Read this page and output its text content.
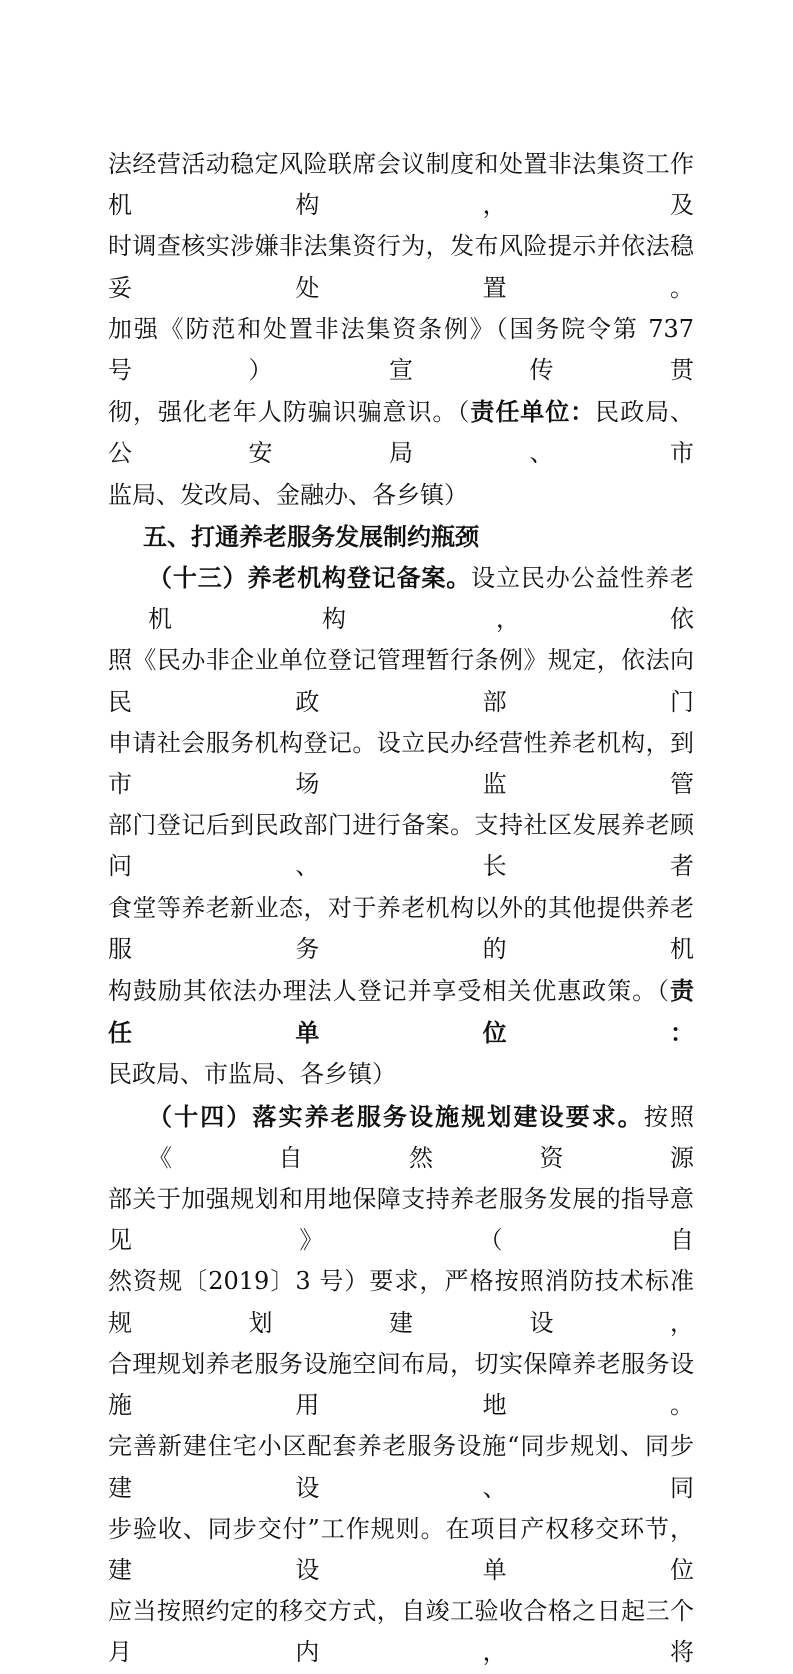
法经营活动稳定风险联席会议制度和处置非法集资工作机构，及
时调查核实涉嫌非法集资行为，发布风险提示并依法稳妥处置。
加强《防范和处置非法集资条例》（国务院令第 737 号）宣传贯
彻，强化老年人防骗识骗意识。（责任单位：民政局、公安局、市
监局、发改局、金融办、各乡镇）
五、打通养老服务发展制约瓶颈
（十三）养老机构登记备案。设立民办公益性养老机构，依
照《民办非企业单位登记管理暂行条例》规定，依法向民政部门
申请社会服务机构登记。设立民办经营性养老机构，到市场监管
部门登记后到民政部门进行备案。支持社区发展养老顾问、长者
食堂等养老新业态，对于养老机构以外的其他提供养老服务的机
构鼓励其依法办理法人登记并享受相关优惠政策。（责任单位：
民政局、市监局、各乡镇）
（十四）落实养老服务设施规划建设要求。按照《自然资源
部关于加强规划和用地保障支持养老服务发展的指导意见》（自
然资规〔2019〕3 号）要求，严格按照消防技术标准规划建设，
合理规划养老服务设施空间布局，切实保障养老服务设施用地。
完善新建住宅小区配套养老服务设施“同步规划、同步建设、同
步验收、同步交付”工作规则。在项目产权移交环节，建设单位
应当按照约定的移交方式，自竣工验收合格之日起三个月内，将
